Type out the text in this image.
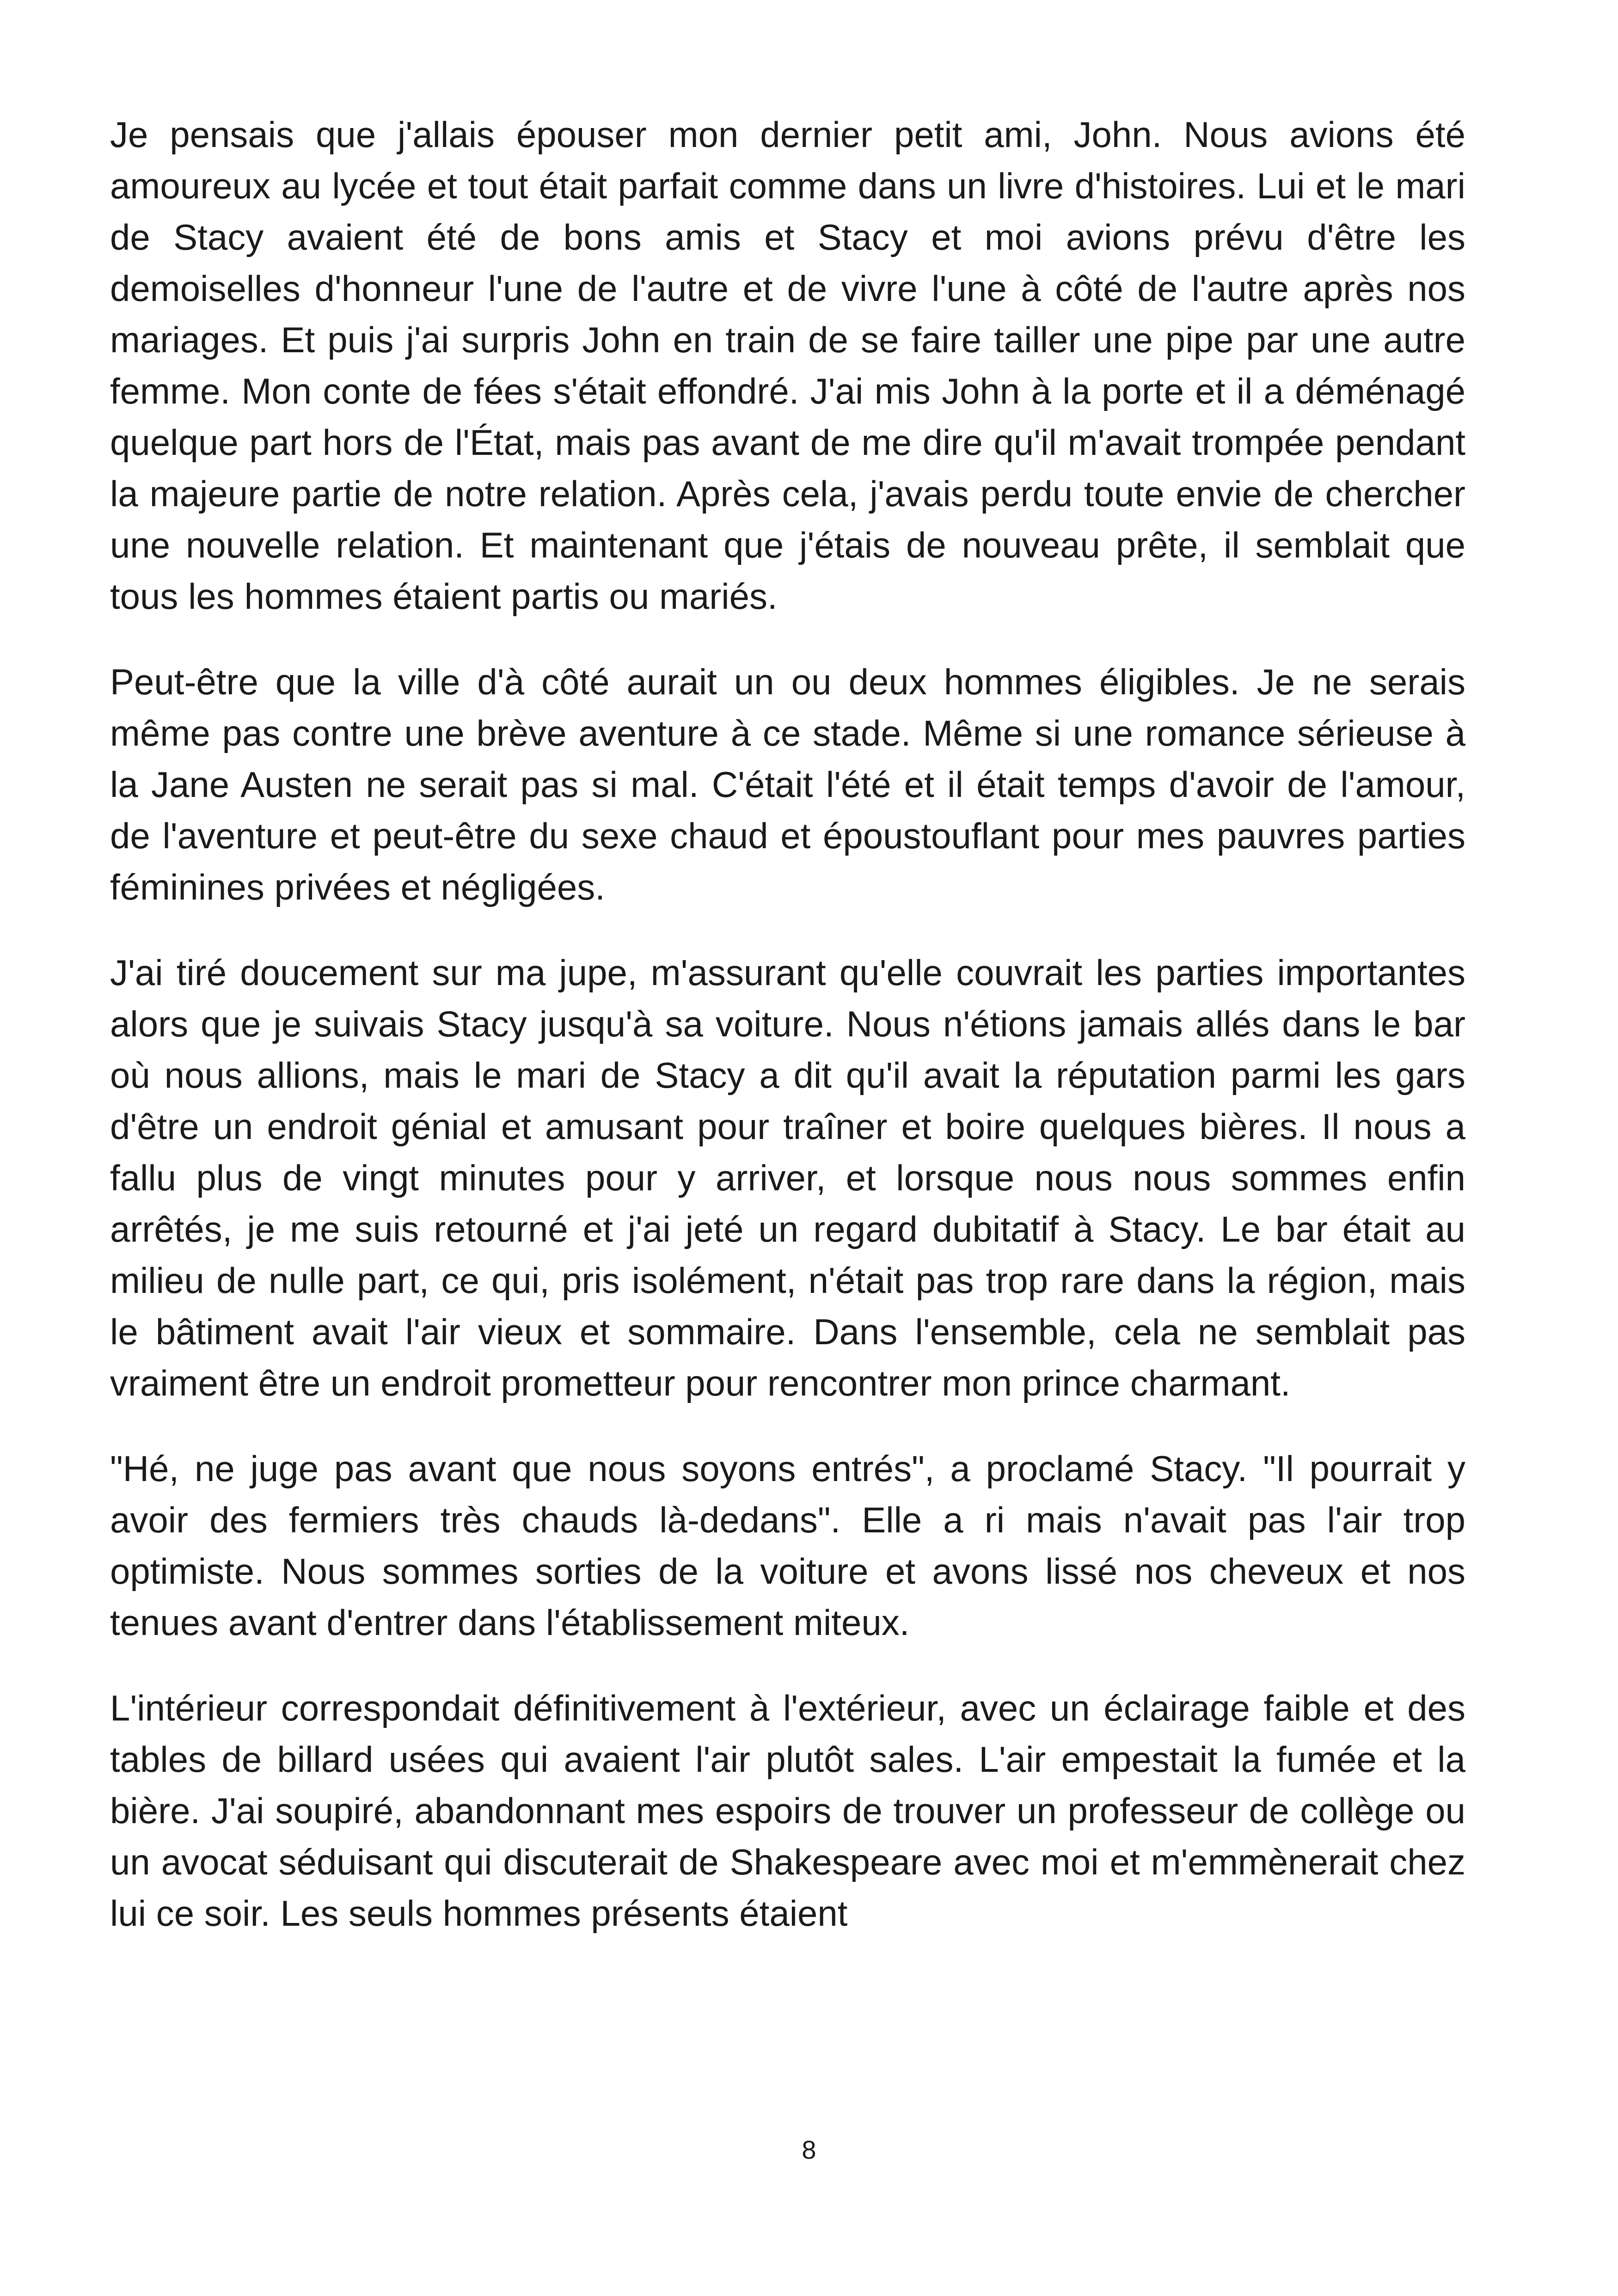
Je pensais que j'allais épouser mon dernier petit ami, John. Nous avions été amoureux au lycée et tout était parfait comme dans un livre d'histoires. Lui et le mari de Stacy avaient été de bons amis et Stacy et moi avions prévu d'être les demoiselles d'honneur l'une de l'autre et de vivre l'une à côté de l'autre après nos mariages. Et puis j'ai surpris John en train de se faire tailler une pipe par une autre femme. Mon conte de fées s'était effondré. J'ai mis John à la porte et il a déménagé quelque part hors de l'État, mais pas avant de me dire qu'il m'avait trompée pendant la majeure partie de notre relation. Après cela, j'avais perdu toute envie de chercher une nouvelle relation. Et maintenant que j'étais de nouveau prête, il semblait que tous les hommes étaient partis ou mariés.

Peut-être que la ville d'à côté aurait un ou deux hommes éligibles. Je ne serais même pas contre une brève aventure à ce stade. Même si une romance sérieuse à la Jane Austen ne serait pas si mal. C'était l'été et il était temps d'avoir de l'amour, de l'aventure et peut-être du sexe chaud et époustouflant pour mes pauvres parties féminines privées et négligées.

J'ai tiré doucement sur ma jupe, m'assurant qu'elle couvrait les parties importantes alors que je suivais Stacy jusqu'à sa voiture. Nous n'étions jamais allés dans le bar où nous allions, mais le mari de Stacy a dit qu'il avait la réputation parmi les gars d'être un endroit génial et amusant pour traîner et boire quelques bières. Il nous a fallu plus de vingt minutes pour y arriver, et lorsque nous nous sommes enfin arrêtés, je me suis retourné et j'ai jeté un regard dubitatif à Stacy. Le bar était au milieu de nulle part, ce qui, pris isolément, n'était pas trop rare dans la région, mais le bâtiment avait l'air vieux et sommaire. Dans l'ensemble, cela ne semblait pas vraiment être un endroit prometteur pour rencontrer mon prince charmant.

"Hé, ne juge pas avant que nous soyons entrés", a proclamé Stacy. "Il pourrait y avoir des fermiers très chauds là-dedans". Elle a ri mais n'avait pas l'air trop optimiste. Nous sommes sorties de la voiture et avons lissé nos cheveux et nos tenues avant d'entrer dans l'établissement miteux.

L'intérieur correspondait définitivement à l'extérieur, avec un éclairage faible et des tables de billard usées qui avaient l'air plutôt sales. L'air empestait la fumée et la bière. J'ai soupiré, abandonnant mes espoirs de trouver un professeur de collège ou un avocat séduisant qui discuterait de Shakespeare avec moi et m'emmènerait chez lui ce soir. Les seuls hommes présents étaient

8
